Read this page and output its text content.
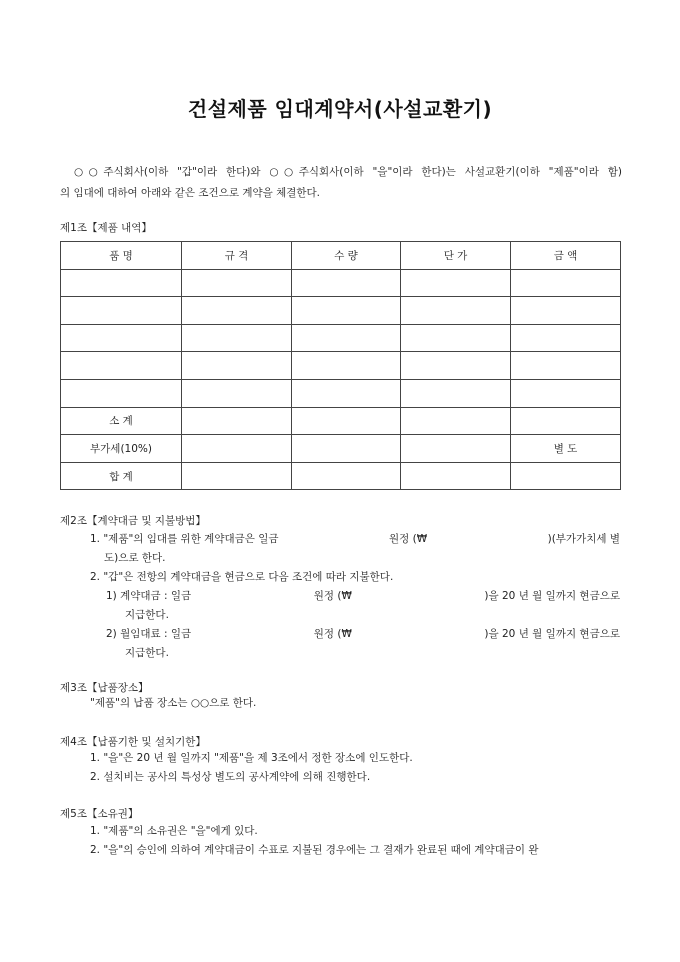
건설제품 임대계약서(사설교환기)

○○주식회사(이하 "갑"이라 한다)와 ○○주식회사(이하 "을"이라 한다)는 사설교환기(이하 "제품"이라 함)

의 임대에 대하여 아래와 같은 조건으로 계약을 체결한다.

제1조【제품 내역】
품 명	규 격	수 량	단 가	금 액

소 계				
부가세(10%)				별 도
합 계				
제2조【계약대금 및 지불방법】
1. "제품"의 임대를 위한 계약대금은 일금	원정 (₩	)(부가가치세 별
도)으로 한다.
2. "갑"은 전항의 계약대금을 현금으로 다음 조건에 따라 지불한다.
1) 계약대금 : 일금	원정 (₩	)을 20 년 월 일까지 현금으로
지급한다.
2) 월임대료 : 일금	원정 (₩	)을 20 년 월 일까지 현금으로
지급한다.
제3조【납품장소】
"제품"의 납품 장소는 ○○으로 한다.
제4조【납품기한 및 설치기한】
1. "을"은 20 년 월 일까지 "제품"을 제 3조에서 정한 장소에 인도한다.
2. 설치비는 공사의 특성상 별도의 공사계약에 의해 진행한다.
제5조【소유권】
1. "제품"의 소유권은 "을"에게 있다.
2. "을"의 승인에 의하여 계약대금이 수표로 지불된 경우에는 그 결재가 완료된 때에 계약대금이 완
